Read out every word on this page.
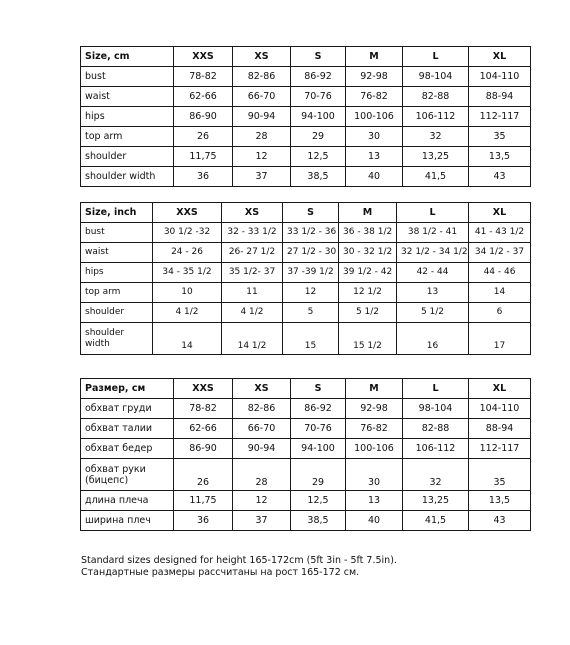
Size, cm	XXS	XS	S	M	L	XL
bust	78-82	82-86	86-92	92-98	98-104	104-110
waist	62-66	66-70	70-76	76-82	82-88	88-94
hips	86-90	90-94	94-100	100-106	106-112	112-117
top arm	26	28	29	30	32	35
shoulder	11,75	12	12,5	13	13,25	13,5
shoulder width	36	37	38,5	40	41,5	43
Size, inch	XXS	XS	S	M	L	XL
bust	30 1/2 -32	32 - 33 1/2	33 1/2 - 36	36 - 38 1/2	38 1/2 - 41	41 - 43 1/2
waist	24 - 26	26- 27 1/2	27 1/2 - 30	30 - 32 1/2	32 1/2 - 34 1/2	34 1/2 - 37
hips	34 - 35 1/2	35 1/2- 37	37 -39 1/2	39 1/2 - 42	42 - 44	44 - 46
top arm	10	11	12	12 1/2	13	14
shoulder	4 1/2	4 1/2	5	5 1/2	5 1/2	6
shoulder width	14	14 1/2	15	15 1/2	16	17
Размер, см	XXS	XS	S	M	L	XL
обхват груди	78-82	82-86	86-92	92-98	98-104	104-110
обхват талии	62-66	66-70	70-76	76-82	82-88	88-94
обхват бедер	86-90	90-94	94-100	100-106	106-112	112-117
обхват руки (бицепс)	26	28	29	30	32	35
длина плеча	11,75	12	12,5	13	13,25	13,5
ширина плеч	36	37	38,5	40	41,5	43
Standard sizes designed for height 165-172cm (5ft 3in - 5ft 7.5in).
Стандартные размеры рассчитаны на рост 165-172 см.
